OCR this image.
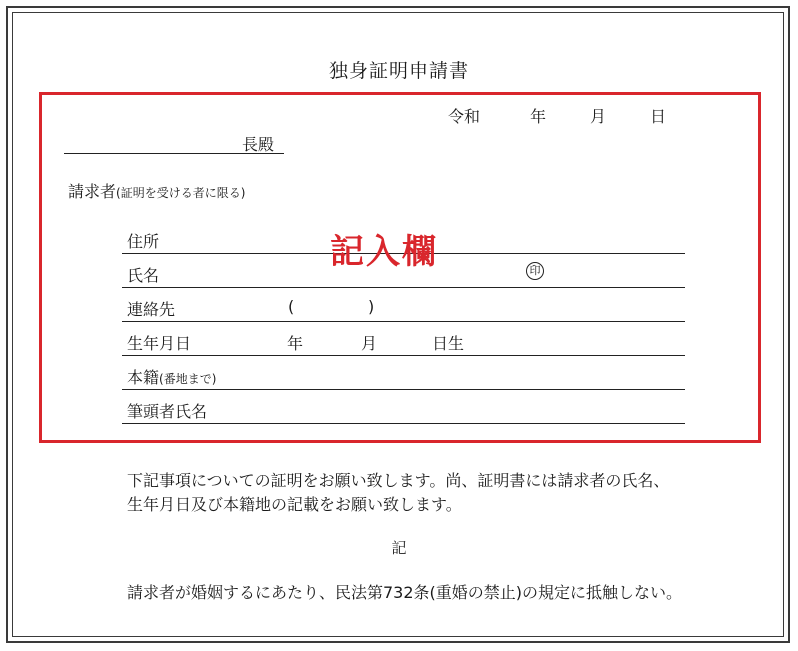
独身証明申請書
令和	年	月	日
長殿
請求者(証明を受ける者に限る)
住所
氏名	印
連絡先	(	)
生年月日	年	月	日生
本籍(番地まで)
筆頭者氏名
記入欄
下記事項についての証明をお願い致します。尚、証明書には請求者の氏名、
生年月日及び本籍地の記載をお願い致します。
記
請求者が婚姻するにあたり、民法第732条(重婚の禁止)の規定に抵触しない。
